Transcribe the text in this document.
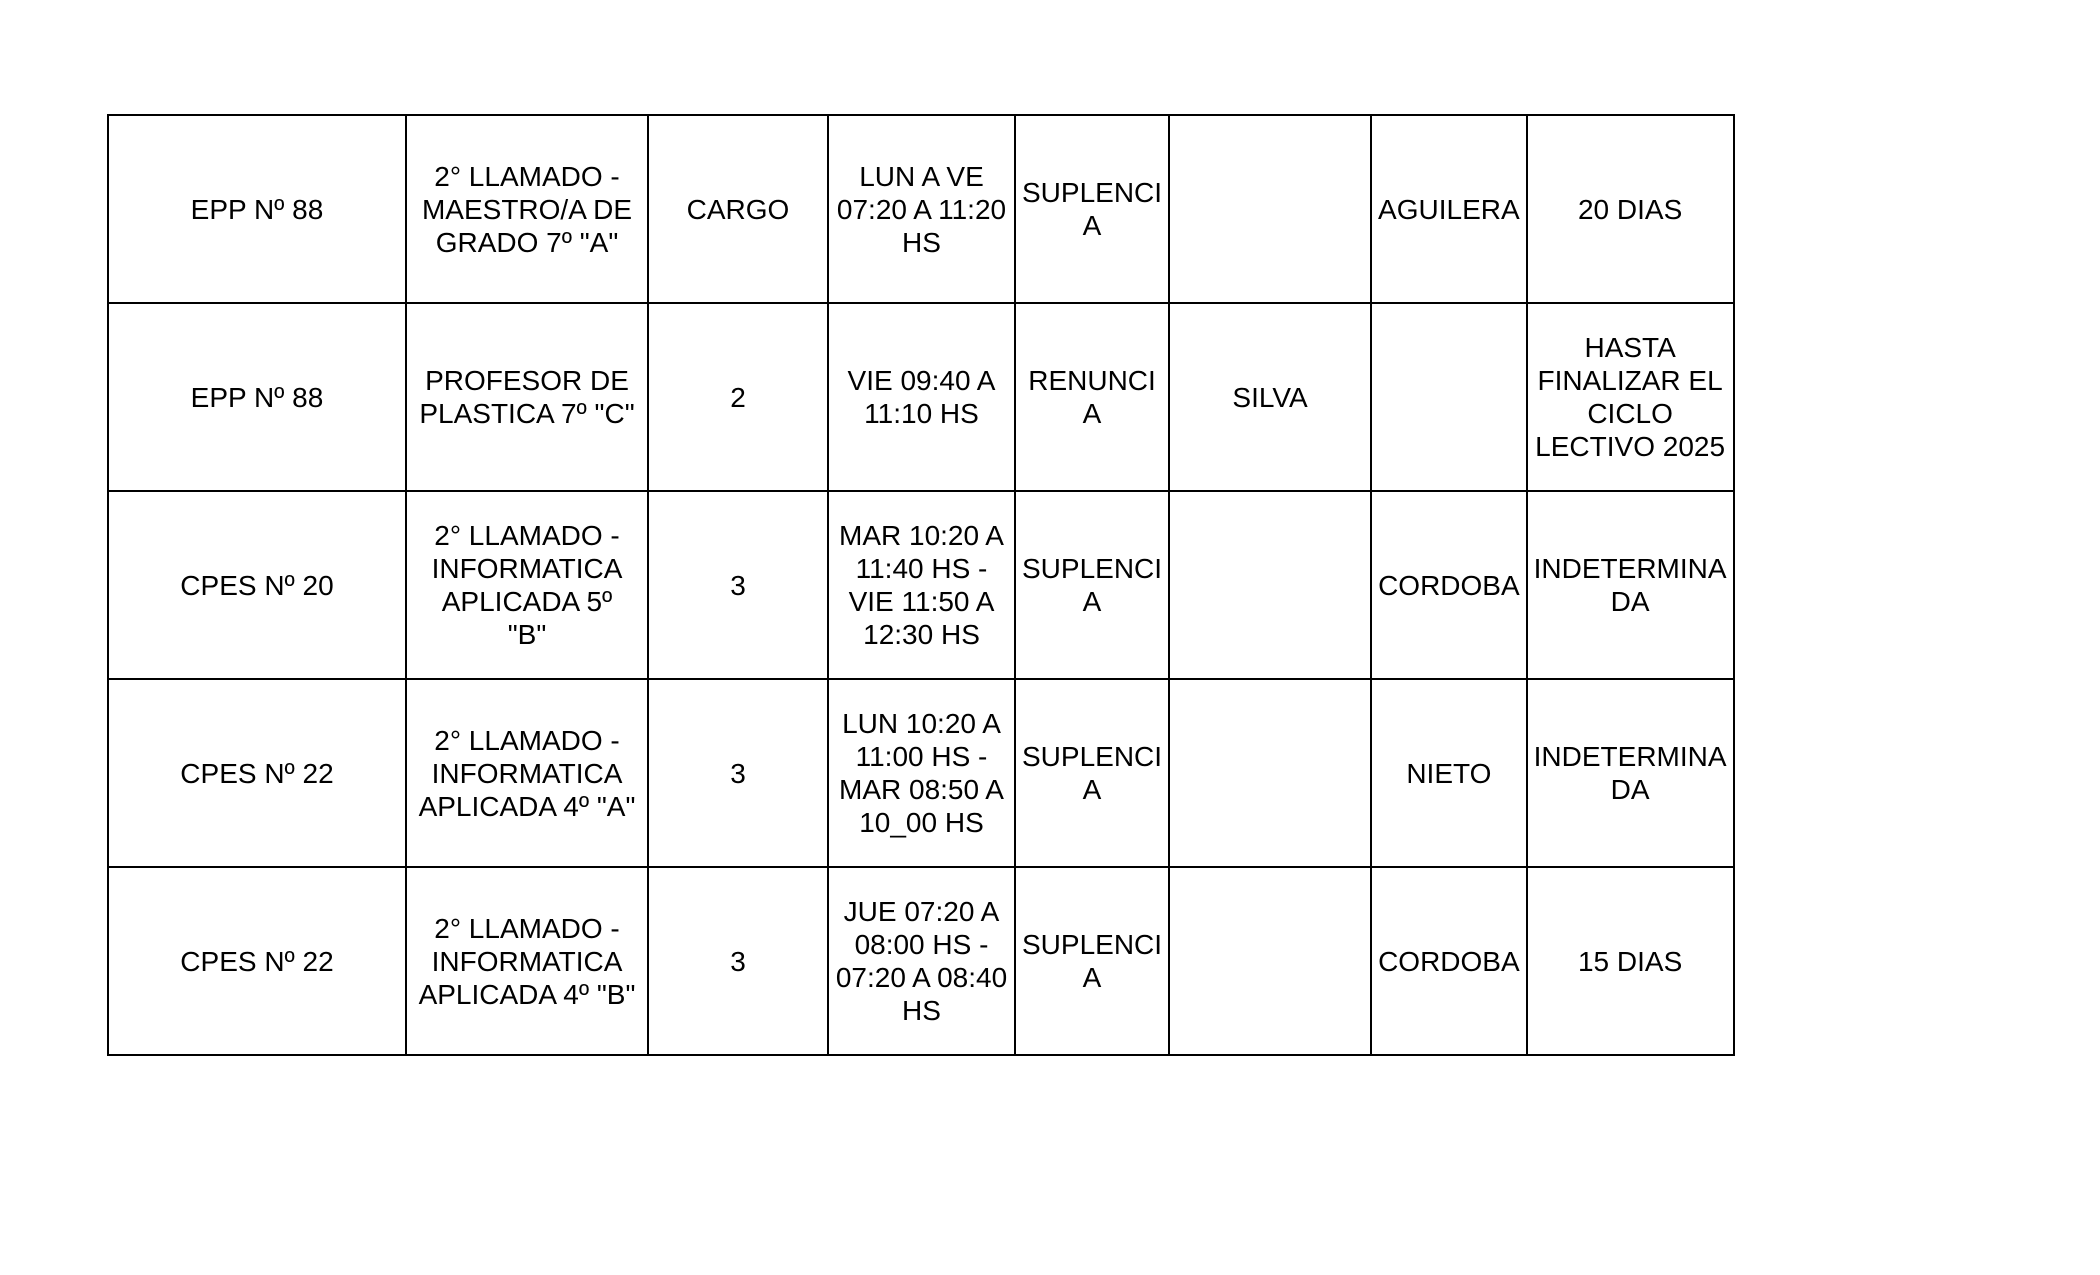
EPP Nº 88	2° LLAMADO -
MAESTRO/A DE
GRADO 7º "A"	CARGO	LUN A VE
07:20 A 11:20
HS	SUPLENCI
A		AGUILERA	20 DIAS

EPP Nº 88	PROFESOR DE
PLASTICA 7º "C"	2	VIE 09:40 A
11:10 HS	RENUNCI
A	SILVA		HASTA
FINALIZAR EL
CICLO
LECTIVO 2025

CPES Nº 20	2° LLAMADO -
INFORMATICA
APLICADA 5º
"B"	3	MAR 10:20 A
11:40 HS -
VIE 11:50 A
12:30 HS	SUPLENCI
A		CORDOBA	INDETERMINA
DA

CPES Nº 22	2° LLAMADO -
INFORMATICA
APLICADA 4º "A"	3	LUN 10:20 A
11:00 HS -
MAR 08:50 A
10_00 HS	SUPLENCI
A		NIETO	INDETERMINA
DA

CPES Nº 22	2° LLAMADO -
INFORMATICA
APLICADA 4º "B"	3	JUE 07:20 A
08:00 HS -
07:20 A 08:40
HS	SUPLENCI
A		CORDOBA	15 DIAS
